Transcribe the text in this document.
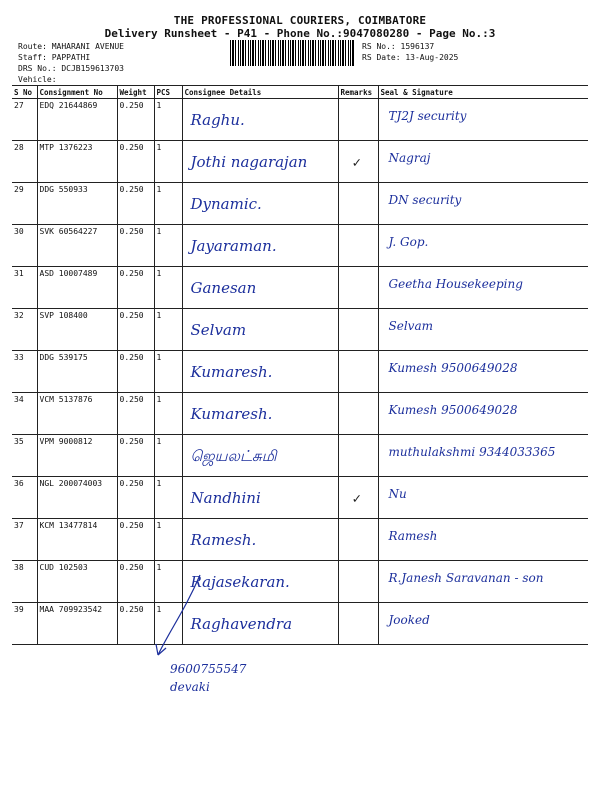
THE PROFESSIONAL COURIERS, COIMBATORE
Delivery Runsheet - P41 - Phone No.:9047080280 - Page No.:3
Route: MAHARANI AVENUE
Staff: PAPPATHI
DRS No.: DCJB159613703
Vehicle:
RS No.: 1596137
RS Date: 13-Aug-2025
S No	Consignment No	Weight	PCS	Consignee Details	Remarks	Seal & Signature
27	EDQ 21644869	0.250	1	Raghu.		TJ2J security
28	MTP 1376223	0.250	1	Jothi nagarajan	✓	Nagraj
29	DDG 550933	0.250	1	Dynamic.		DN security
30	SVK 60564227	0.250	1	Jayaraman.		J. Gop.
31	ASD 10007489	0.250	1	Ganesan		Geetha Housekeeping
32	SVP 108400	0.250	1	Selvam		Selvam
33	DDG 539175	0.250	1	Kumaresh.		Kumesh 9500649028
34	VCM 5137876	0.250	1	Kumaresh.		Kumesh 9500649028
35	VPM 9000812	0.250	1	ஜெயலட்சுமி		muthulakshmi 9344033365
36	NGL 200074003	0.250	1	Nandhini	✓	Nu
37	KCM 13477814	0.250	1	Ramesh.		Ramesh
38	CUD 102503	0.250	1	Rajasekaran.		R.Janesh Saravanan - son
39	MAA 709923542	0.250	1	Raghavendra		Jooked
9600755547
devaki
